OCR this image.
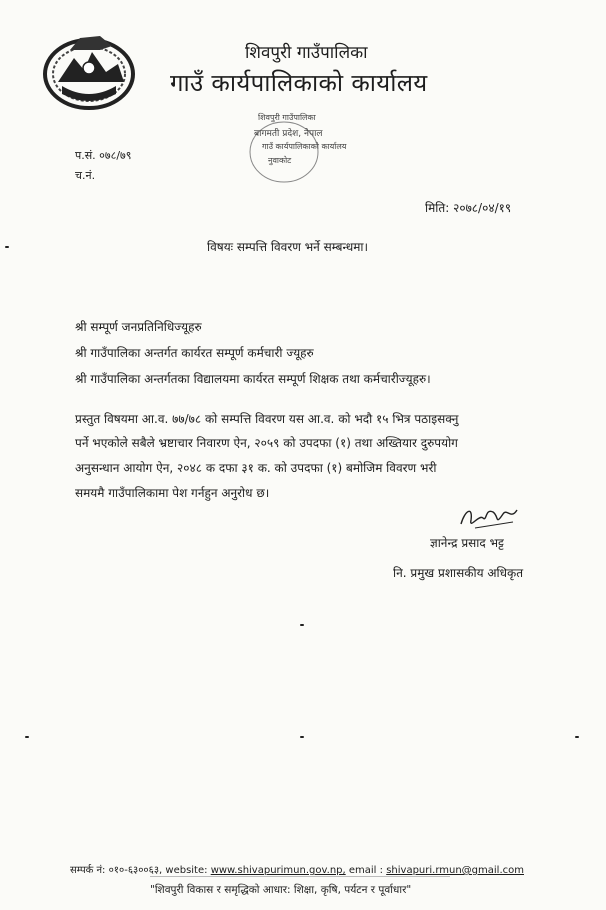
शिवपुरी गाउँपालिका
गाउँ कार्यपालिकाको कार्यालय
शिवपुरी गाउँपालिका
बागमती प्रदेश, नेपाल
गाउँ कार्यपालिकाको कार्यालय
नुवाकोट
प.सं. ०७८/७९
च.नं.
मिति: २०७८/०४/१९
विषयः सम्पत्ति विवरण भर्ने सम्बन्धमा।
श्री सम्पूर्ण जनप्रतिनिधिज्यूहरु
श्री गाउँपालिका अन्तर्गत कार्यरत सम्पूर्ण कर्मचारी ज्यूहरु
श्री गाउँपालिका अन्तर्गतका विद्यालयमा कार्यरत सम्पूर्ण शिक्षक तथा कर्मचारीज्यूहरु।
प्रस्तुत विषयमा आ.व. ७७/७८ को सम्पत्ति विवरण यस आ.व. को भदौ १५ भित्र पठाइसक्नु
पर्ने भएकोले सबैले भ्रष्टाचार निवारण ऐन, २०५९ को उपदफा (१) तथा अख्तियार दुरुपयोग
अनुसन्धान आयोग ऐन, २०४८ क दफा ३१ क. को उपदफा (१) बमोजिम विवरण भरी
समयमै गाउँपालिकामा पेश गर्नहुन अनुरोध छ।
ज्ञानेन्द्र प्रसाद भट्ट
नि. प्रमुख प्रशासकीय अधिकृत
सम्पर्क नं: ०१०-६३००६३, website: www.shivapurimun.gov.np, email : shivapuri.rmun@gmail.com
"शिवपुरी विकास र समृद्धिको आधार: शिक्षा, कृषि, पर्यटन र पूर्वाधार"
